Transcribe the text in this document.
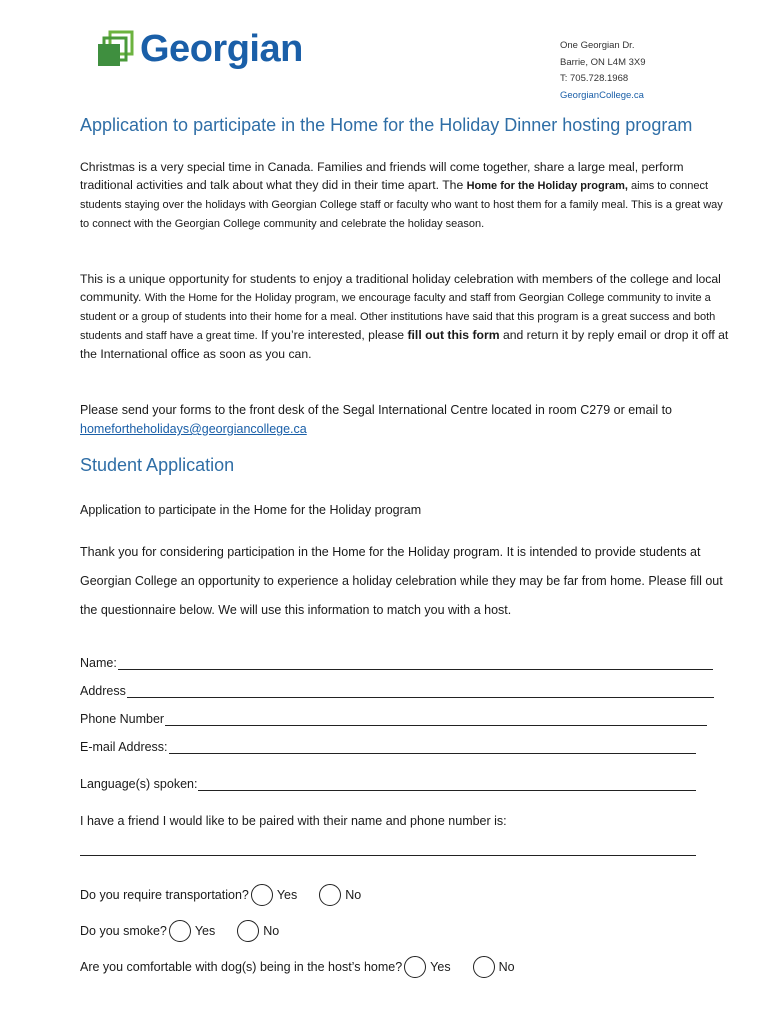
Georgian	One Georgian Dr.
Barrie, ON L4M 3X9
T: 705.728.1968
GeorgianCollege.ca
Application to participate in the Home for the Holiday Dinner hosting program
Christmas is a very special time in Canada. Families and friends will come together, share a large meal, perform traditional activities and talk about what they did in their time apart. The Home for the Holiday program, aims to connect students staying over the holidays with Georgian College staff or faculty who want to host them for a family meal. This is a great way to connect with the Georgian College community and celebrate the holiday season.
This is a unique opportunity for students to enjoy a traditional holiday celebration with members of the college and local community. With the Home for the Holiday program, we encourage faculty and staff from Georgian College community to invite a student or a group of students into their home for a meal. Other institutions have said that this program is a great success and both students and staff have a great time. If you’re interested, please fill out this form and return it by reply email or drop it off at the International office as soon as you can.
Please send your forms to the front desk of the Segal International Centre located in room C279 or email to homefortheholidays@georgiancollege.ca
Student Application
Application to participate in the Home for the Holiday program
Thank you for considering participation in the Home for the Holiday program. It is intended to provide students at Georgian College an opportunity to experience a holiday celebration while they may be far from home. Please fill out the questionnaire below. We will use this information to match you with a host.
Name:
Address
Phone Number
E-mail Address:
Language(s) spoken:
I have a friend I would like to be paired with their name and phone number is:
Do you require transportation? Yes	No
Do you smoke? Yes	No
Are you comfortable with dog(s) being in the host’s home? Yes	No
